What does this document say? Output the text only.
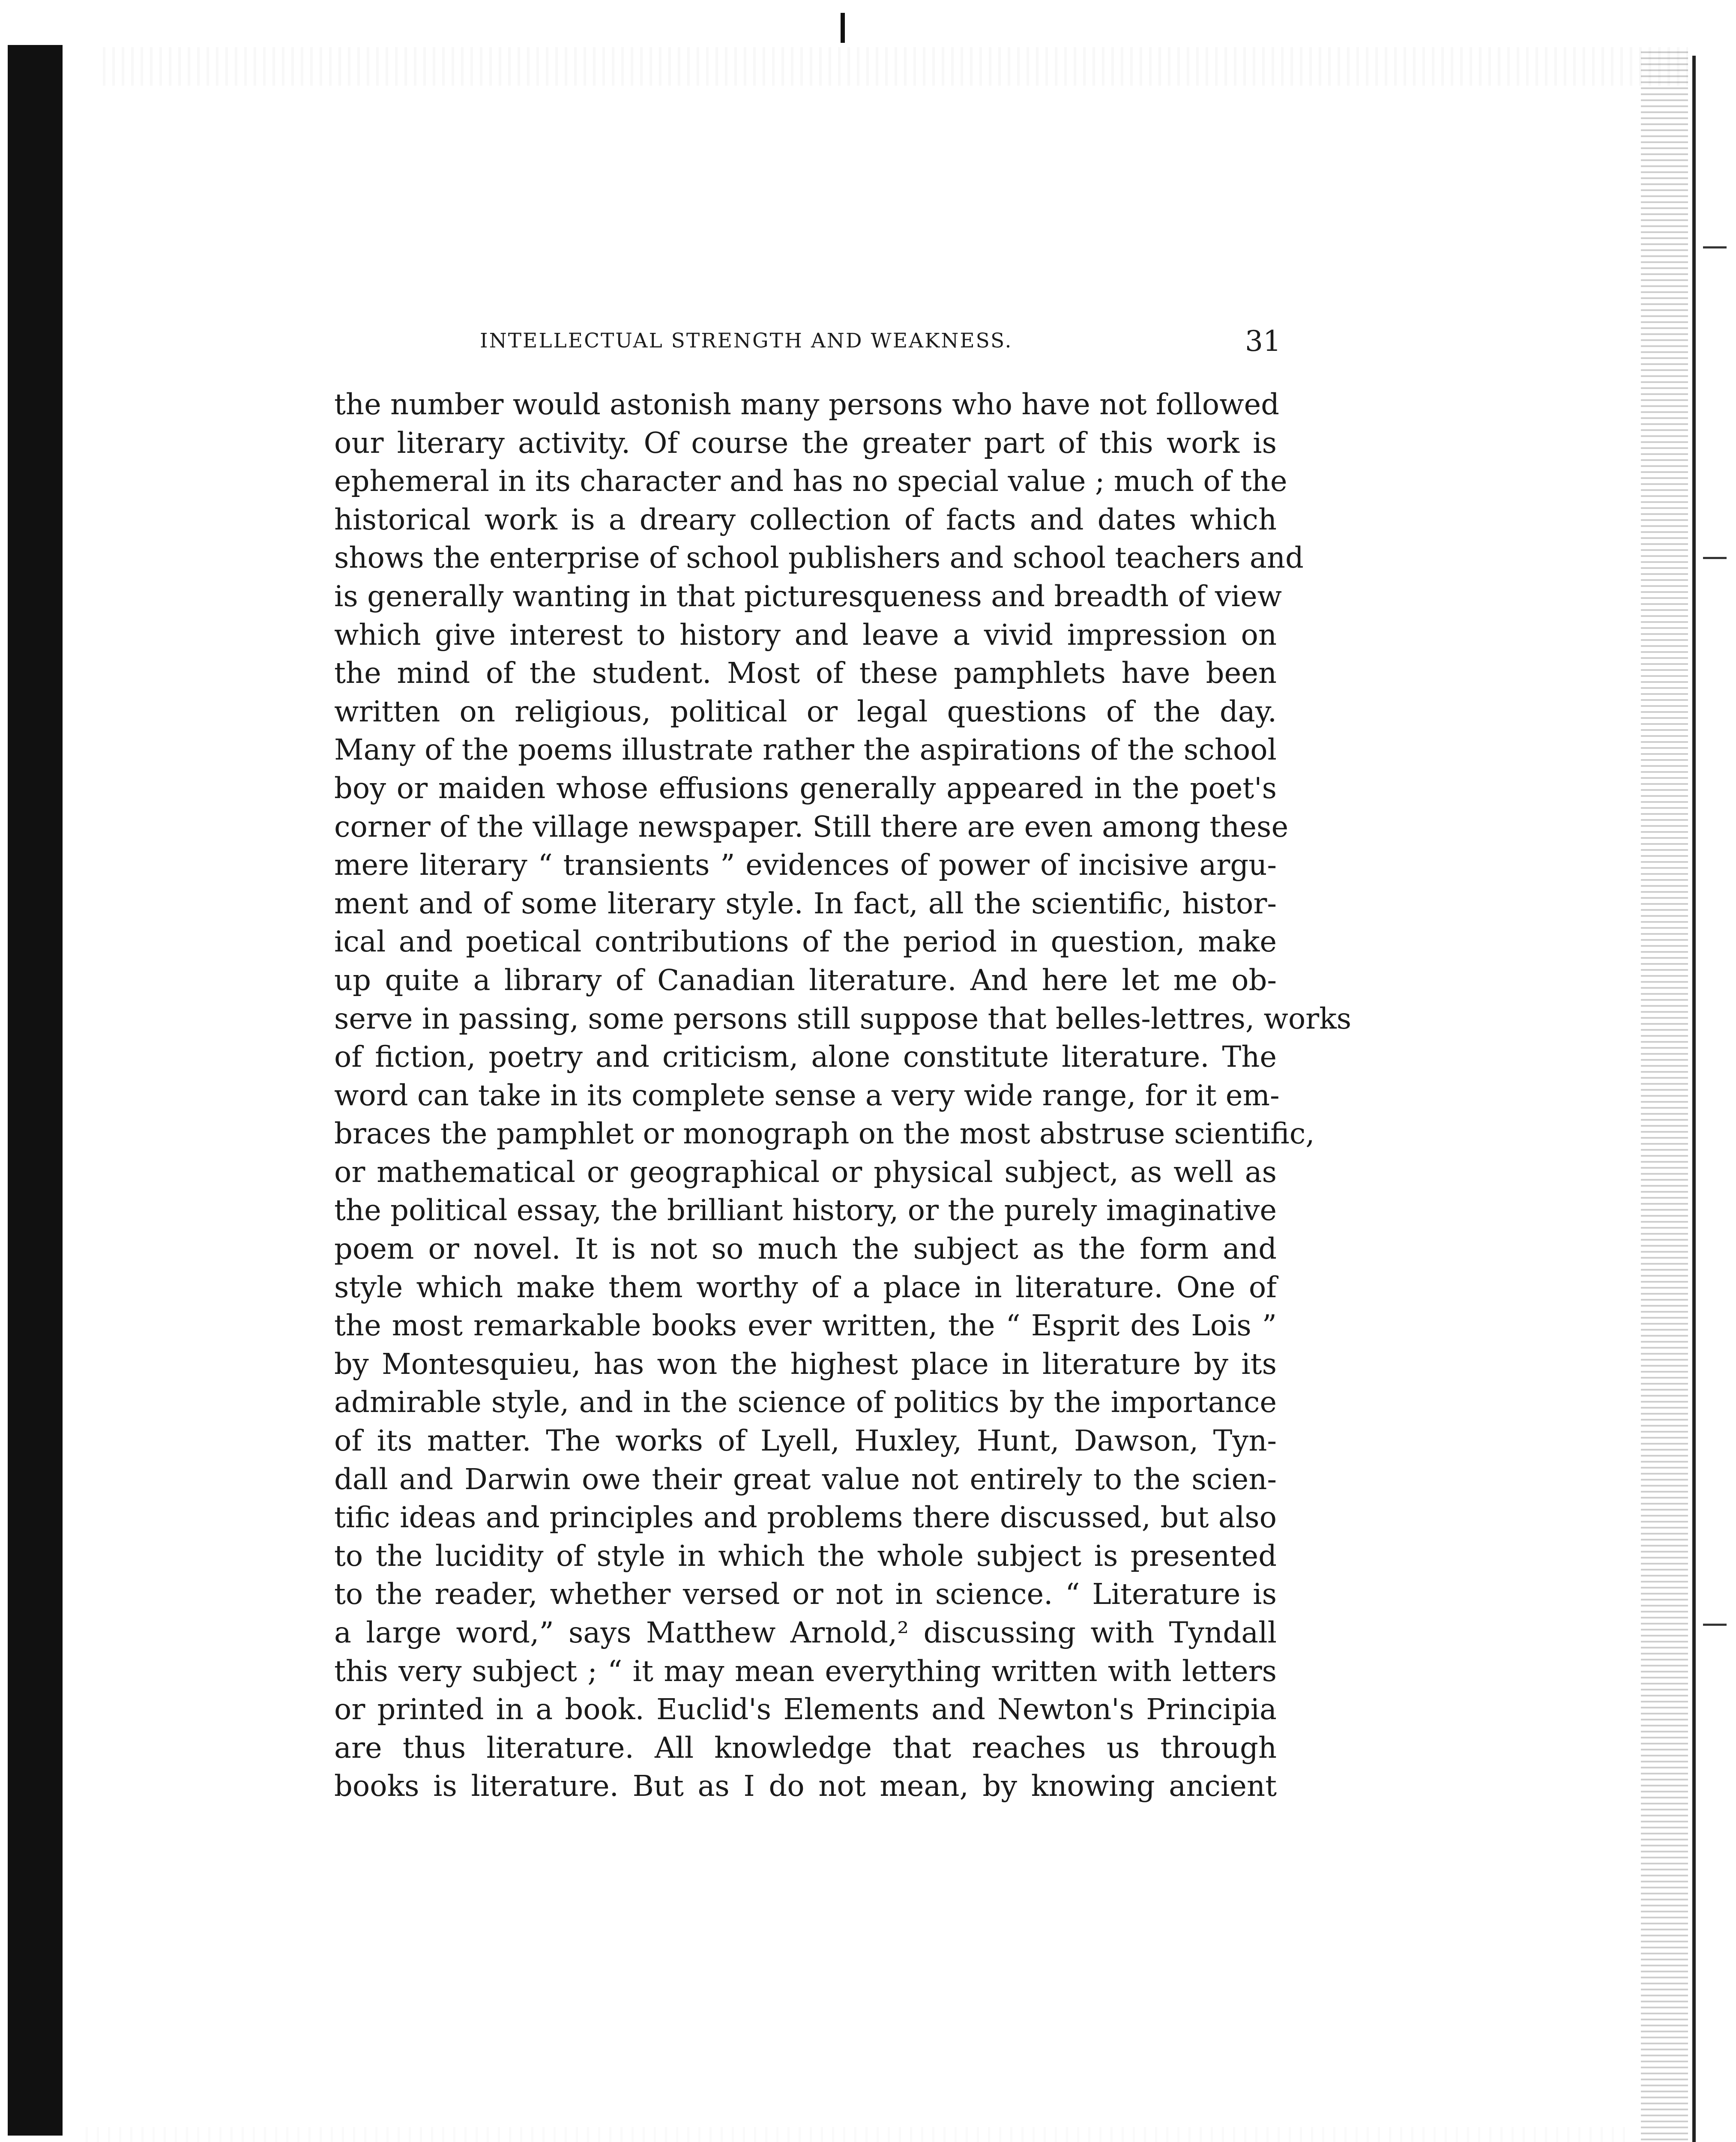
INTELLECTUAL STRENGTH AND WEAKNESS.	31
the number would astonish many persons who have not followed
our literary activity. Of course the greater part of this work is
ephemeral in its character and has no special value ; much of the
historical work is a dreary collection of facts and dates which
shows the enterprise of school publishers and school teachers and
is generally wanting in that picturesqueness and breadth of view
which give interest to history and leave a vivid impression on
the mind of the student. Most of these pamphlets have been
written on religious, political or legal questions of the day.
Many of the poems illustrate rather the aspirations of the school
boy or maiden whose effusions generally appeared in the poet's
corner of the village newspaper. Still there are even among these
mere literary “ transients ” evidences of power of incisive argu-
ment and of some literary style. In fact, all the scientific, histor-
ical and poetical contributions of the period in question, make
up quite a library of Canadian literature. And here let me ob-
serve in passing, some persons still suppose that belles-lettres, works
of fiction, poetry and criticism, alone constitute literature. The
word can take in its complete sense a very wide range, for it em-
braces the pamphlet or monograph on the most abstruse scientific,
or mathematical or geographical or physical subject, as well as
the political essay, the brilliant history, or the purely imaginative
poem or novel. It is not so much the subject as the form and
style which make them worthy of a place in literature. One of
the most remarkable books ever written, the “ Esprit des Lois ”
by Montesquieu, has won the highest place in literature by its
admirable style, and in the science of politics by the importance
of its matter. The works of Lyell, Huxley, Hunt, Dawson, Tyn-
dall and Darwin owe their great value not entirely to the scien-
tific ideas and principles and problems there discussed, but also
to the lucidity of style in which the whole subject is presented
to the reader, whether versed or not in science. “ Literature is
a large word,” says Matthew Arnold,² discussing with Tyndall
this very subject ; “ it may mean everything written with letters
or printed in a book. Euclid's Elements and Newton's Principia
are thus literature. All knowledge that reaches us through
books is literature. But as I do not mean, by knowing ancient
